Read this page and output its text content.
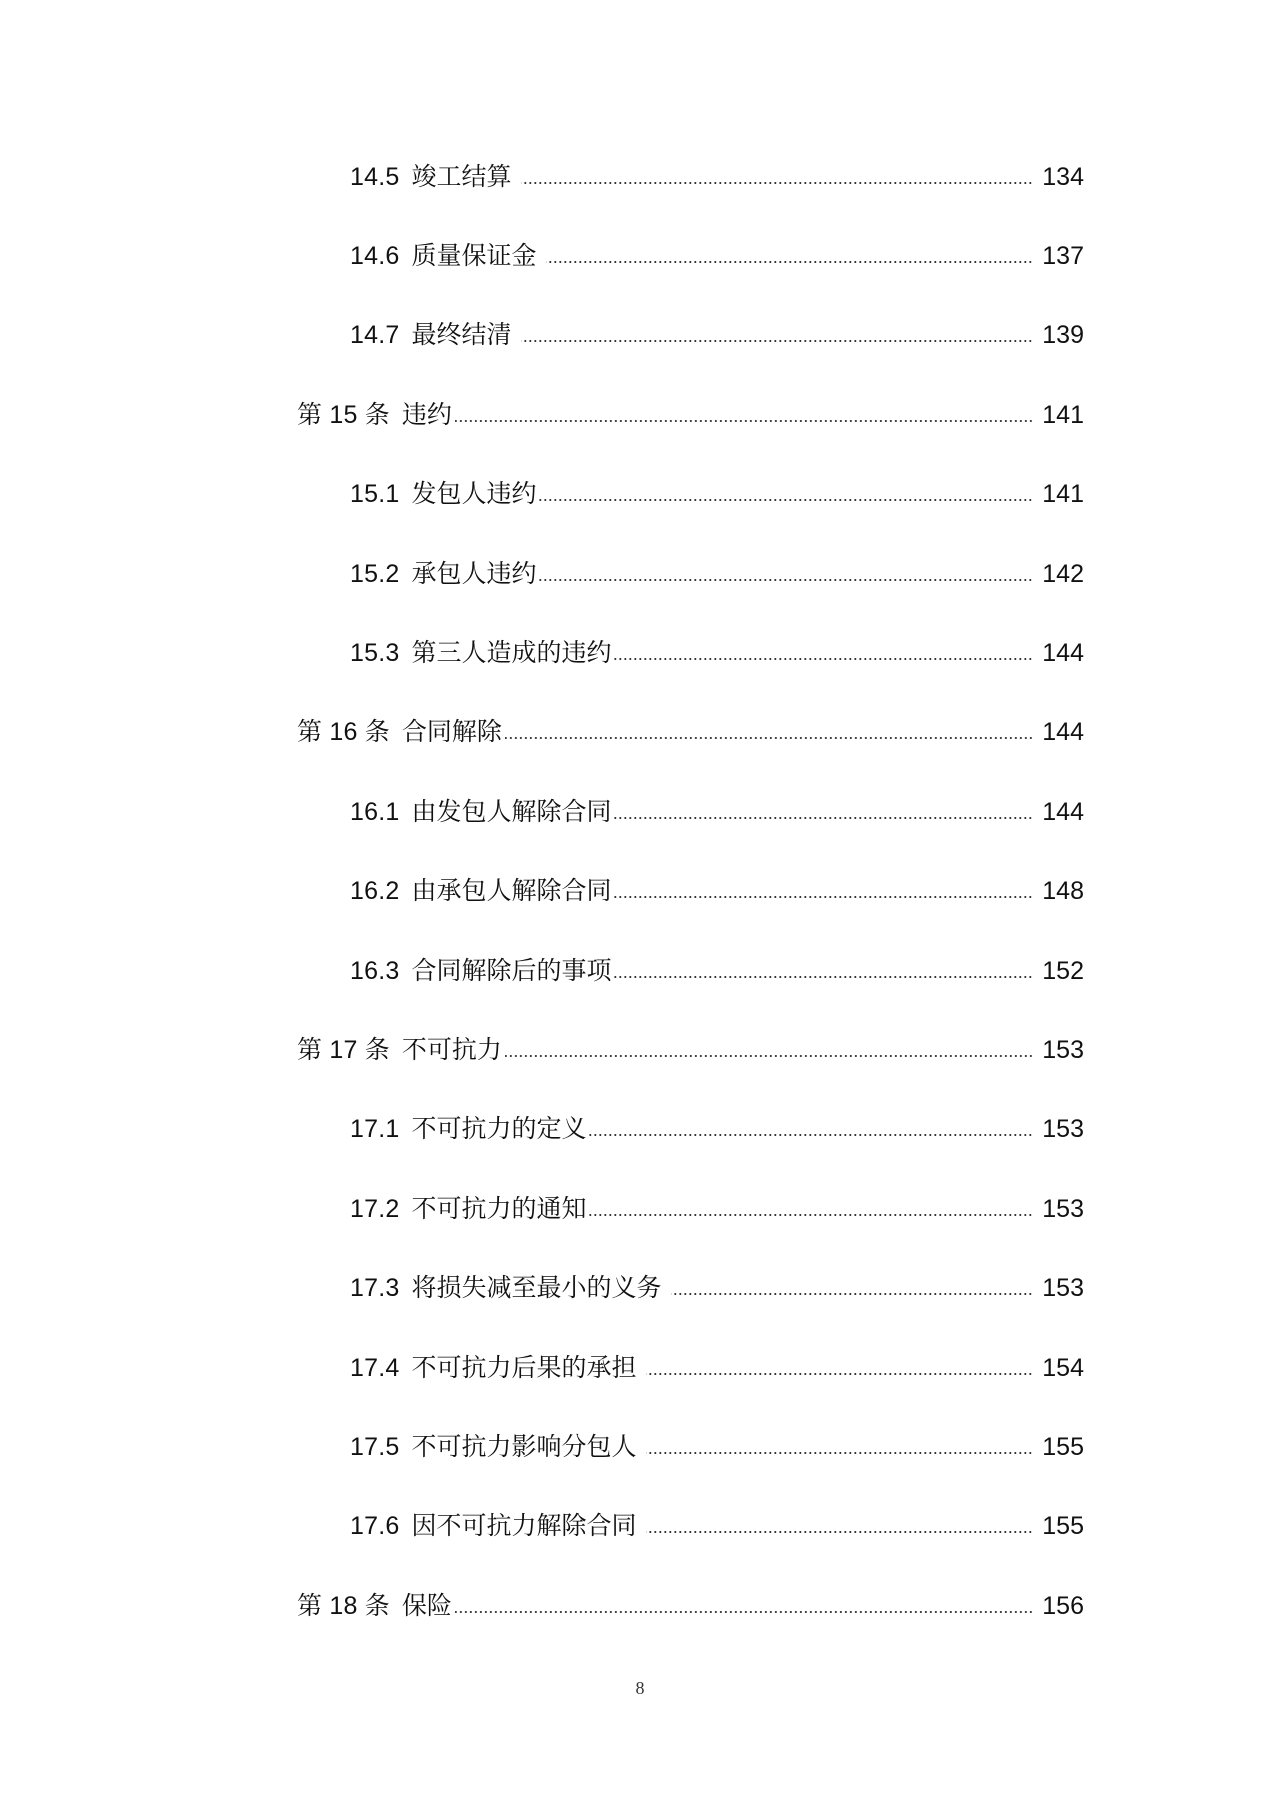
14.5 竣工结算	134
14.6 质量保证金	137
14.7 最终结清	139
第 15 条 违约	141
15.1 发包人违约	141
15.2 承包人违约	142
15.3 第三人造成的违约	144
第 16 条 合同解除	144
16.1 由发包人解除合同	144
16.2 由承包人解除合同	148
16.3 合同解除后的事项	152
第 17 条 不可抗力	153
17.1 不可抗力的定义	153
17.2 不可抗力的通知	153
17.3 将损失减至最小的义务	153
17.4 不可抗力后果的承担	154
17.5 不可抗力影响分包人	155
17.6 因不可抗力解除合同	155
第 18 条 保险	156
8
